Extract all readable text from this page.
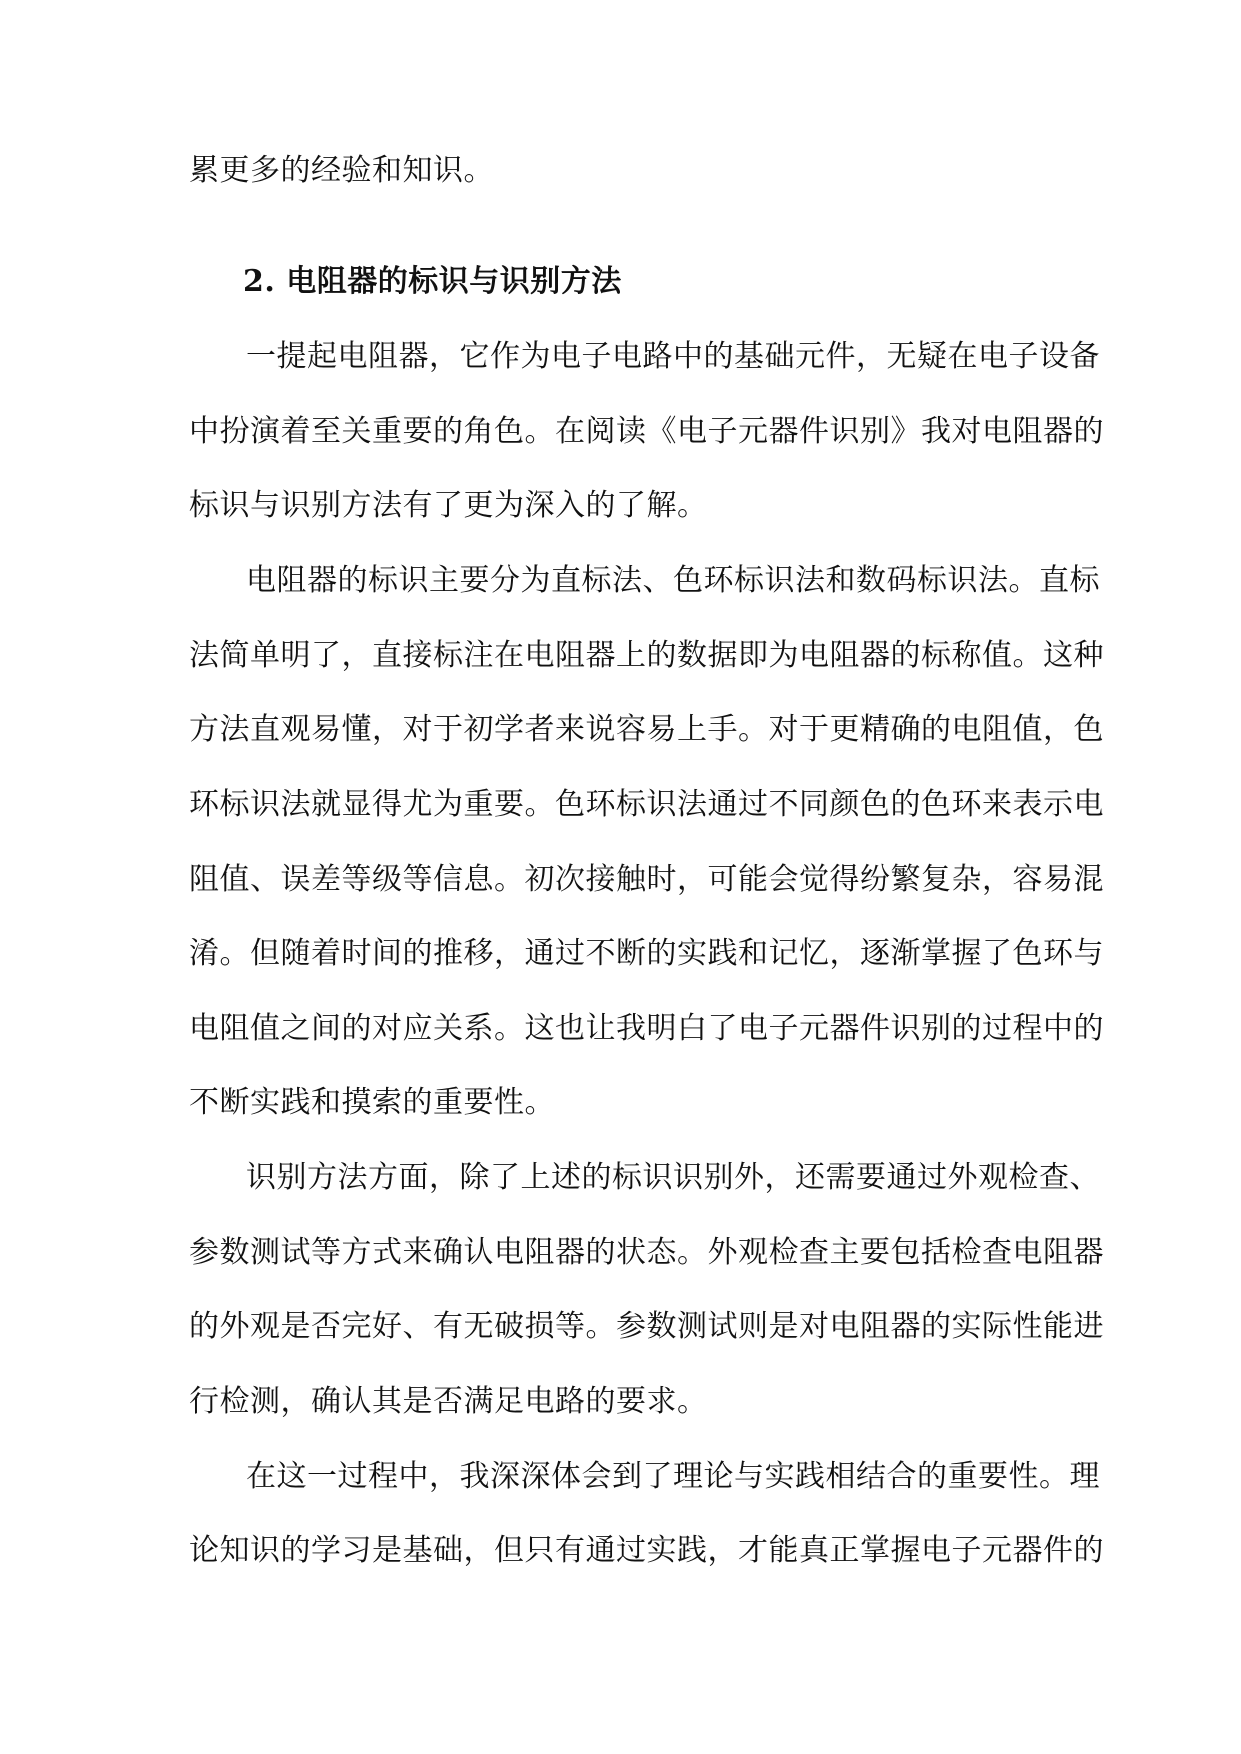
累更多的经验和知识。
2. 电阻器的标识与识别方法
一提起电阻器，它作为电子电路中的基础元件，无疑在电子设备
中扮演着至关重要的角色。在阅读《电子元器件识别》我对电阻器的
标识与识别方法有了更为深入的了解。
电阻器的标识主要分为直标法、色环标识法和数码标识法。直标
法简单明了，直接标注在电阻器上的数据即为电阻器的标称值。这种
方法直观易懂，对于初学者来说容易上手。对于更精确的电阻值，色
环标识法就显得尤为重要。色环标识法通过不同颜色的色环来表示电
阻值、误差等级等信息。初次接触时，可能会觉得纷繁复杂，容易混
淆。但随着时间的推移，通过不断的实践和记忆，逐渐掌握了色环与
电阻值之间的对应关系。这也让我明白了电子元器件识别的过程中的
不断实践和摸索的重要性。
识别方法方面，除了上述的标识识别外，还需要通过外观检查、
参数测试等方式来确认电阻器的状态。外观检查主要包括检查电阻器
的外观是否完好、有无破损等。参数测试则是对电阻器的实际性能进
行检测，确认其是否满足电路的要求。
在这一过程中，我深深体会到了理论与实践相结合的重要性。理
论知识的学习是基础，但只有通过实践，才能真正掌握电子元器件的
